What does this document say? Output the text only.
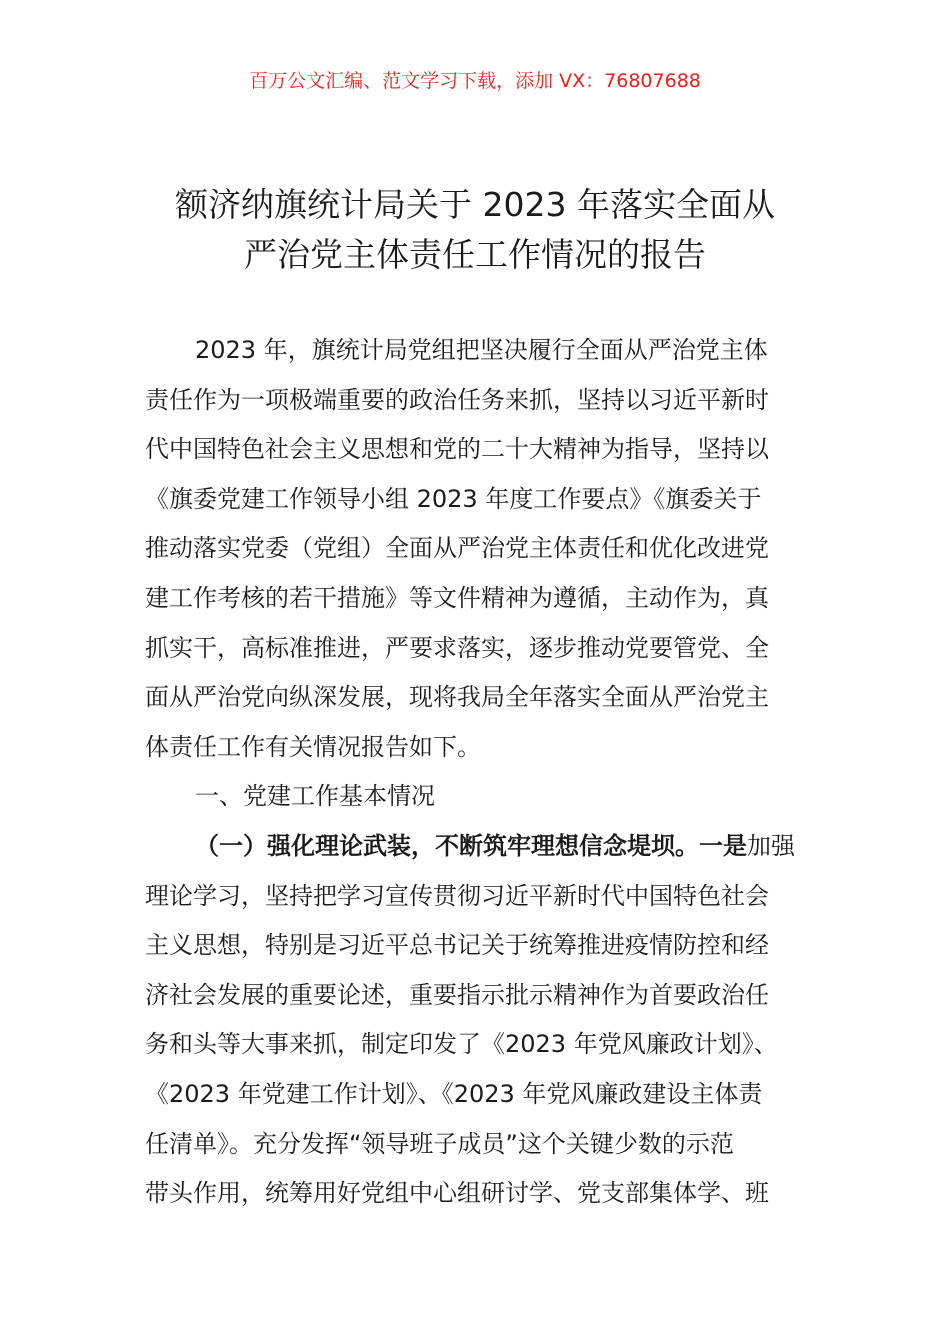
百万公文汇编、范文学习下载，添加 VX：76807688
额济纳旗统计局关于 2023 年落实全面从
严治党主体责任工作情况的报告
2023 年，旗统计局党组把坚决履行全面从严治党主体
责任作为一项极端重要的政治任务来抓，坚持以习近平新时
代中国特色社会主义思想和党的二十大精神为指导，坚持以
《旗委党建工作领导小组 2023 年度工作要点》《旗委关于
推动落实党委（党组）全面从严治党主体责任和优化改进党
建工作考核的若干措施》等文件精神为遵循，主动作为，真
抓实干，高标准推进，严要求落实，逐步推动党要管党、全
面从严治党向纵深发展，现将我局全年落实全面从严治党主
体责任工作有关情况报告如下。
一、党建工作基本情况
（一）强化理论武装，不断筑牢理想信念堤坝。一是加强
理论学习，坚持把学习宣传贯彻习近平新时代中国特色社会
主义思想，特别是习近平总书记关于统筹推进疫情防控和经
济社会发展的重要论述，重要指示批示精神作为首要政治任
务和头等大事来抓，制定印发了《2023 年党风廉政计划》、
《2023 年党建工作计划》、《2023 年党风廉政建设主体责
任清单》。充分发挥“领导班子成员”这个关键少数的示范
带头作用，统筹用好党组中心组研讨学、党支部集体学、班
